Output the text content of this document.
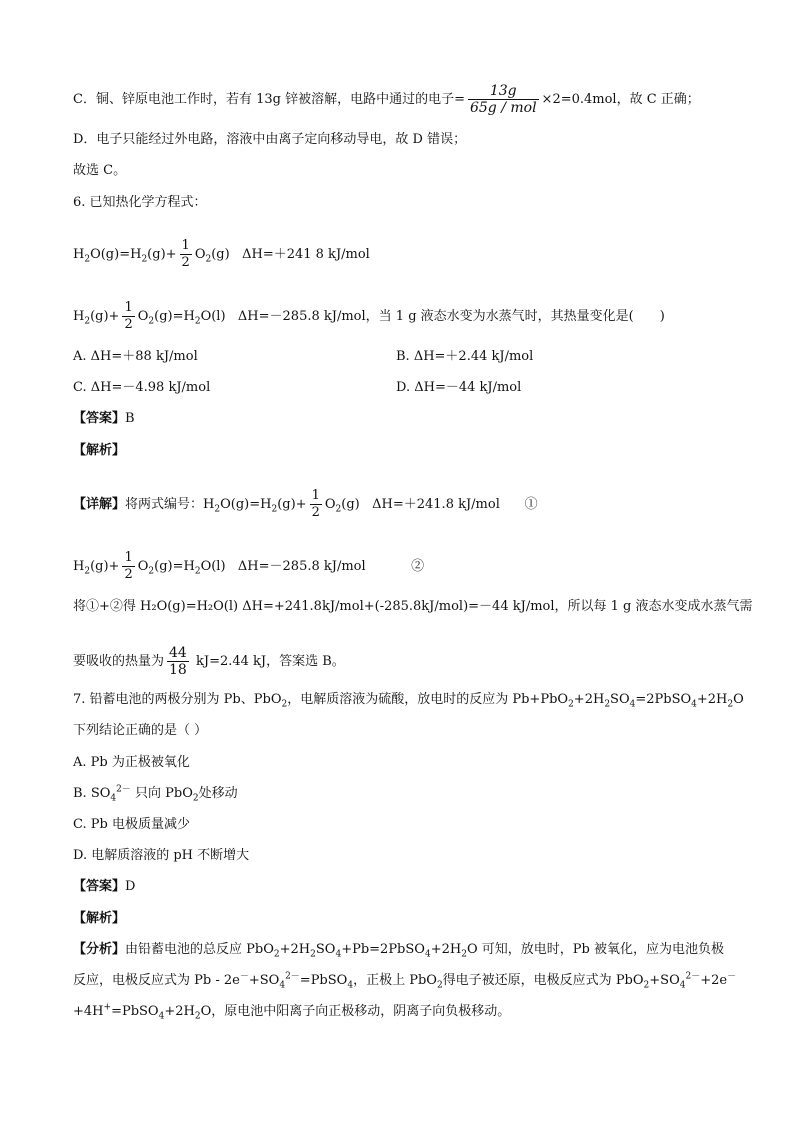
C．铜、锌原电池工作时，若有 13g 锌被溶解，电路中通过的电子= $\frac{13g}{\text{65g / mol}} \times 2=0.4mol$，故 C 正确；
D．电子只能经过外电路，溶液中由离子定向移动导电，故 D 错误；
故选 C。
6. 已知热化学方程式：
$H_2O(g)=H_2(g)+ \frac{1}{2} O_2(g)$   ΔH=＋241 8 kJ/mol
$H_2(g)+ \frac{1}{2} O_2(g)=H_2O(l)$   ΔH=－285.8 kJ/mol，当 1 g 液态水变为水蒸气时，其热量变化是(　　)
A. ΔH=＋88 kJ/mol	B. ΔH=＋2.44 kJ/mol
C. ΔH=－4.98 kJ/mol	D. ΔH=－44 kJ/mol
【答案】B
【解析】
【详解】将两式编号：$H_2O(g)=H_2(g)+ \frac{1}{2} O_2(g)$   ΔH=＋241.8 kJ/mol ①
$H_2(g)+ \frac{1}{2} O_2(g)=H_2O(l)$   ΔH=－285.8 kJ/mol	②
将①+②得 H₂O(g)=H₂O(l) ΔH=+241.8kJ/mol+(-285.8kJ/mol)=－44 kJ/mol，所以每 1 g 液态水变成水蒸气需
要吸收的热量为 $\frac{44}{18} kJ=2.44$ kJ，答案选 B。
7. 铅蓄电池的两极分别为 Pb、PbO$_2$，电解质溶液为硫酸，放电时的反应为 $Pb+PbO_2+2H_2SO_4=2PbSO_4+2H_2O$
下列结论正确的是（ ）
A. Pb 为正极被氧化
B. $SO_4^{2-}$ 只向 PbO$_2$处移动
C. Pb 电极质量减少
D. 电解质溶液的 pH 不断增大
【答案】D
【解析】
【分析】由铅蓄电池的总反应 $PbO_2+2H_2SO_4+Pb=2PbSO_4+2H_2O$ 可知，放电时，Pb 被氧化，应为电池负极
反应，电极反应式为 $Pb - 2e^-+SO_4^{2-}=PbSO_4$，正极上 PbO$_2$得电子被还原，电极反应式为 $PbO_2+SO_4^{2-}+2e^-$
$+4H^+=PbSO_4+2H_2O$，原电池中阳离子向正极移动，阴离子向负极移动。
